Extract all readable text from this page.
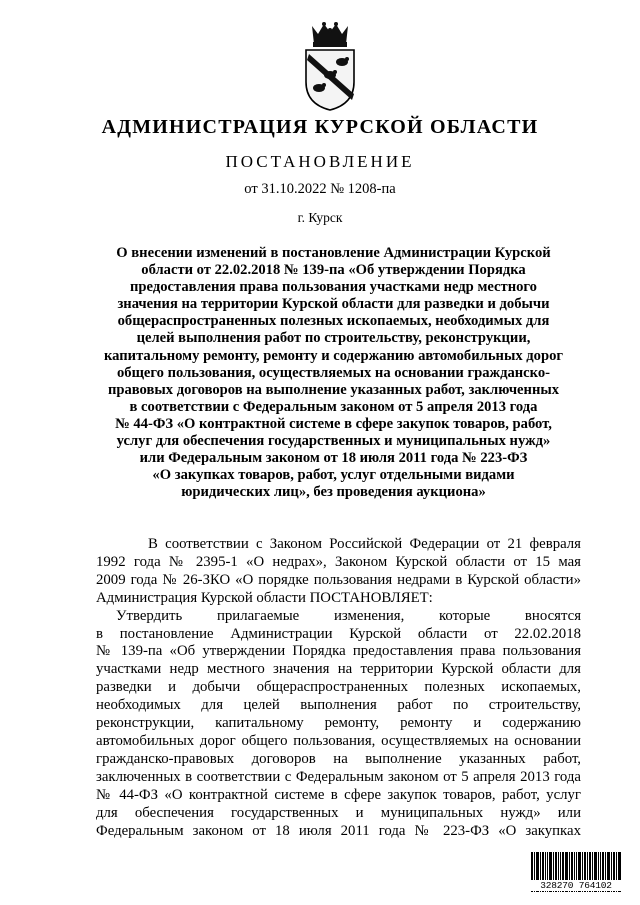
АДМИНИСТРАЦИЯ КУРСКОЙ ОБЛАСТИ
ПОСТАНОВЛЕНИЕ
от 31.10.2022 № 1208-па
г. Курск
О внесении изменений в постановление Администрации Курской
области от 22.02.2018 № 139-па «Об утверждении Порядка
предоставления права пользования участками недр местного
значения на территории Курской области для разведки и добычи
общераспространенных полезных ископаемых, необходимых для
целей выполнения работ по строительству, реконструкции,
капитальному ремонту, ремонту и содержанию автомобильных дорог
общего пользования, осуществляемых на основании гражданско-
правовых договоров на выполнение указанных работ, заключенных
в соответствии с Федеральным законом от 5 апреля 2013 года
№ 44-ФЗ «О контрактной системе в сфере закупок товаров, работ,
услуг для обеспечения государственных и муниципальных нужд»
или Федеральным законом от 18 июля 2011 года № 223-ФЗ
«О закупках товаров, работ, услуг отдельными видами
юридических лиц», без проведения аукциона»
В соответствии с Законом Российской Федерации от 21 февраля
1992 года № 2395-1 «О недрах», Законом Курской области от 15 мая
2009 года № 26-ЗКО «О порядке пользования недрами в Курской области»
Администрация Курской области ПОСТАНОВЛЯЕТ:
Утвердить прилагаемые изменения, которые вносятся
в постановление Администрации Курской области от 22.02.2018
№ 139-па «Об утверждении Порядка предоставления права пользования
участками недр местного значения на территории Курской области для
разведки и добычи общераспространенных полезных ископаемых,
необходимых для целей выполнения работ по строительству,
реконструкции, капитальному ремонту, ремонту и содержанию
автомобильных дорог общего пользования, осуществляемых на основании
гражданско-правовых договоров на выполнение указанных работ,
заключенных в соответствии с Федеральным законом от 5 апреля 2013 года
№ 44-ФЗ «О контрактной системе в сфере закупок товаров, работ, услуг
для обеспечения государственных и муниципальных нужд» или
Федеральным законом от 18 июля 2011 года № 223-ФЗ «О закупках
328270 764102
